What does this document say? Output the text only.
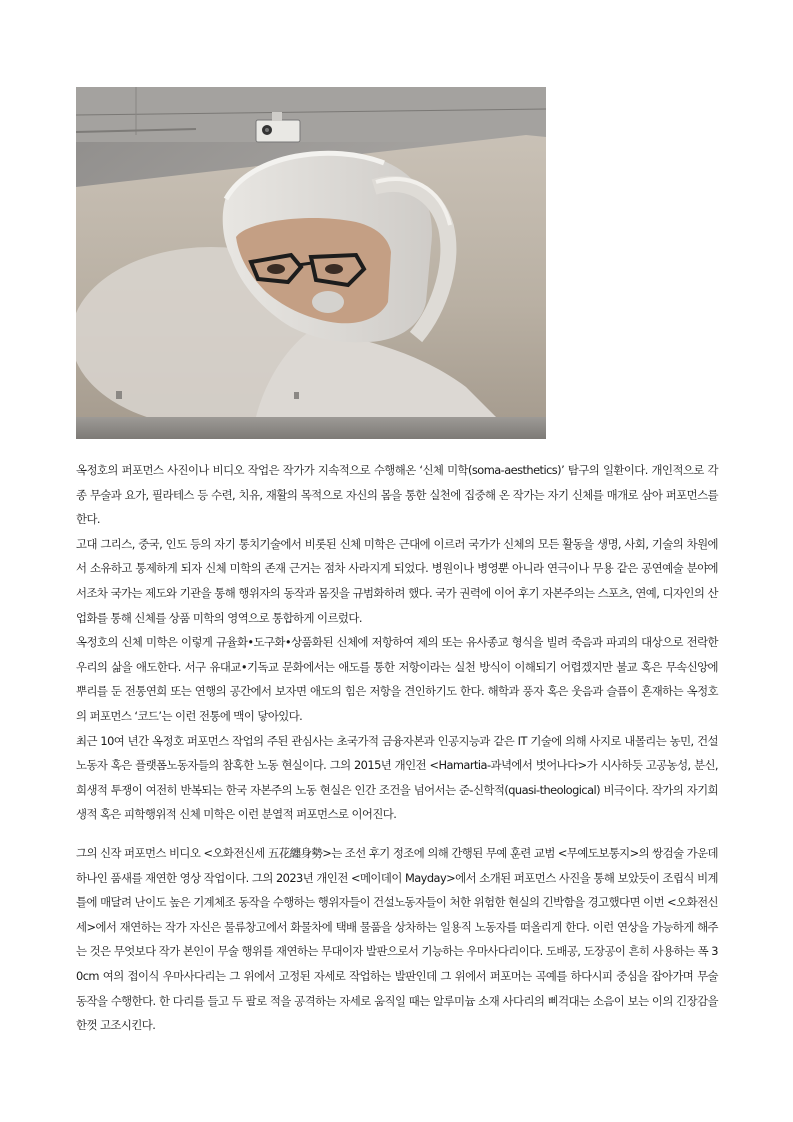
옥정호의 퍼포먼스 사진이나 비디오 작업은 작가가 지속적으로 수행해온 ‘신체 미학(soma-aesthetics)’ 탐구의 일환이다. 개인적으로 각종 무술과 요가, 필라테스 등 수련, 치유, 재활의 목적으로 자신의 몸을 통한 실천에 집중해 온 작가는 자기 신체를 매개로 삼아 퍼포먼스를 한다.

고대 그리스, 중국, 인도 등의 자기 통치기술에서 비롯된 신체 미학은 근대에 이르러 국가가 신체의 모든 활동을 생명, 사회, 기술의 차원에서 소유하고 통제하게 되자 신체 미학의 존재 근거는 점차 사라지게 되었다. 병원이나 병영뿐 아니라 연극이나 무용 같은 공연예술 분야에서조차 국가는 제도와 기관을 통해 행위자의 동작과 몸짓을 규범화하려 했다. 국가 권력에 이어 후기 자본주의는 스포츠, 연예, 디자인의 산업화를 통해 신체를 상품 미학의 영역으로 통합하게 이르렀다.

옥정호의 신체 미학은 이렇게 규율화•도구화•상품화된 신체에 저항하여 제의 또는 유사종교 형식을 빌려 죽음과 파괴의 대상으로 전락한 우리의 삶을 애도한다. 서구 유대교•기독교 문화에서는 애도를 통한 저항이라는 실천 방식이 이해되기 어렵겠지만 불교 혹은 무속신앙에 뿌리를 둔 전통연희 또는 연행의 공간에서 보자면 애도의 힘은 저항을 견인하기도 한다. 해학과 풍자 혹은 웃음과 슬픔이 혼재하는 옥정호의 퍼포먼스 ‘코드’는 이런 전통에 맥이 닿아있다.

최근 10여 년간 옥정호 퍼포먼스 작업의 주된 관심사는 초국가적 금융자본과 인공지능과 같은 IT 기술에 의해 사지로 내몰리는 농민, 건설노동자 혹은 플랫폼노동자들의 참혹한 노동 현실이다. 그의 2015년 개인전 <Hamartia-과녁에서 벗어나다>가 시사하듯 고공농성, 분신, 희생적 투쟁이 여전히 반복되는 한국 자본주의 노동 현실은 인간 조건을 넘어서는 준-신학적(quasi-theological) 비극이다. 작가의 자기희생적 혹은 피학행위적 신체 미학은 이런 분열적 퍼포먼스로 이어진다.

그의 신작 퍼포먼스 비디오 <오화전신세 五花纏身勢>는 조선 후기 정조에 의해 간행된 무예 훈련 교범 <무예도보통지>의 쌍검술 가운데 하나인 품새를 재연한 영상 작업이다. 그의 2023년 개인전 <메이데이 Mayday>에서 소개된 퍼포먼스 사진을 통해 보았듯이 조립식 비계틀에 매달려 난이도 높은 기계체조 동작을 수행하는 행위자들이 건설노동자들이 처한 위험한 현실의 긴박함을 경고했다면 이번 <오화전신세>에서 재연하는 작가 자신은 물류창고에서 화물차에 택배 물품을 상차하는 일용직 노동자를 떠올리게 한다. 이런 연상을 가능하게 해주는 것은 무엇보다 작가 본인이 무술 행위를 재연하는 무대이자 발판으로서 기능하는 우마사다리이다. 도배공, 도장공이 흔히 사용하는 폭 30cm 여의 접이식 우마사다리는 그 위에서 고정된 자세로 작업하는 발판인데 그 위에서 퍼포머는 곡예를 하다시피 중심을 잡아가며 무술 동작을 수행한다. 한 다리를 들고 두 팔로 적을 공격하는 자세로 움직일 때는 알루미늄 소재 사다리의 삐걱대는 소음이 보는 이의 긴장감을 한껏 고조시킨다.
